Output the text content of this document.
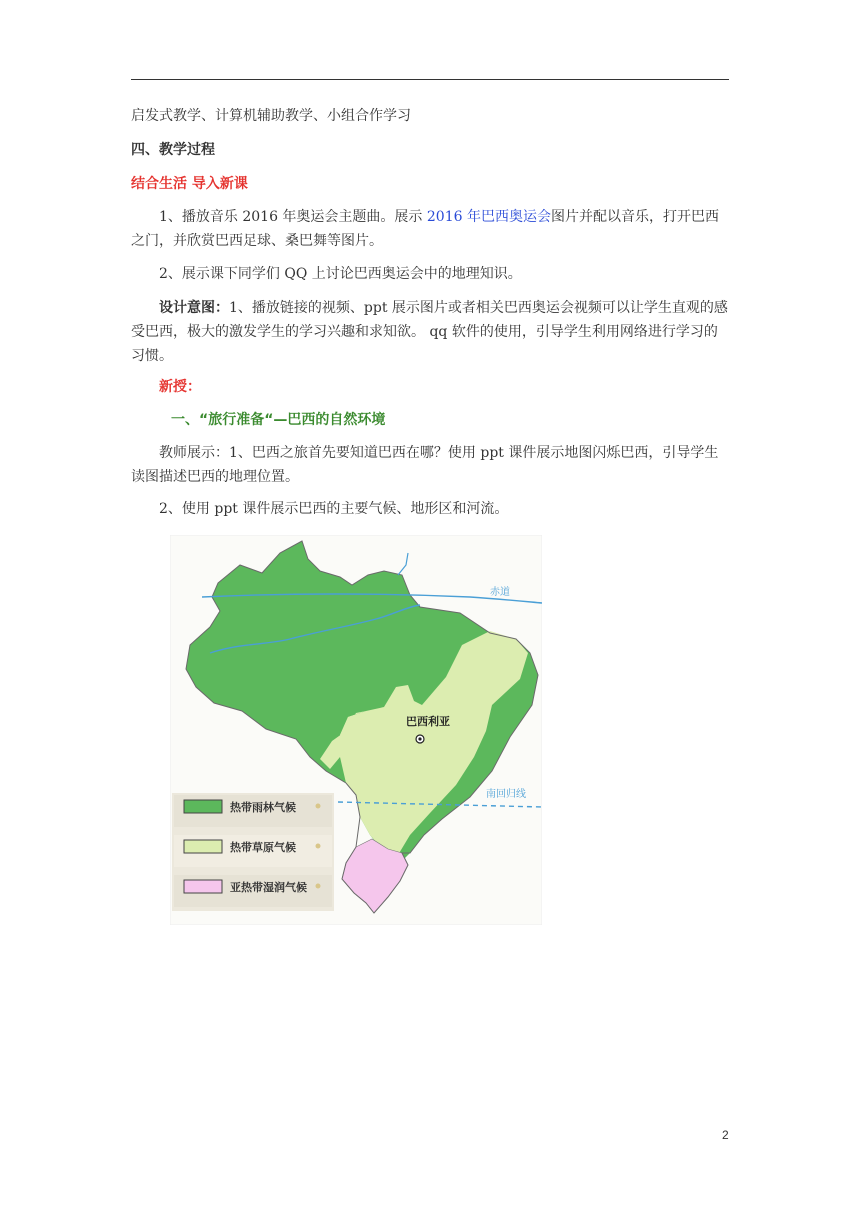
启发式教学、计算机辅助教学、小组合作学习
四、教学过程
结合生活 导入新课
1、播放音乐 2016 年奥运会主题曲。展示 2016 年巴西奥运会图片并配以音乐，打开巴西之门，并欣赏巴西足球、桑巴舞等图片。
2、展示课下同学们 QQ 上讨论巴西奥运会中的地理知识。
设计意图：1、播放链接的视频、ppt 展示图片或者相关巴西奥运会视频可以让学生直观的感受巴西，极大的激发学生的学习兴趣和求知欲。 qq 软件的使用，引导学生利用网络进行学习的习惯。
新授：
一、“旅行准备“—巴西的自然环境
教师展示：1、巴西之旅首先要知道巴西在哪？使用 ppt 课件展示地图闪烁巴西，引导学生读图描述巴西的地理位置。
2、使用 ppt 课件展示巴西的主要气候、地形区和河流。
赤道
南回归线
巴西利亚
热带雨林气候
热带草原气候
亚热带湿润气候
2
